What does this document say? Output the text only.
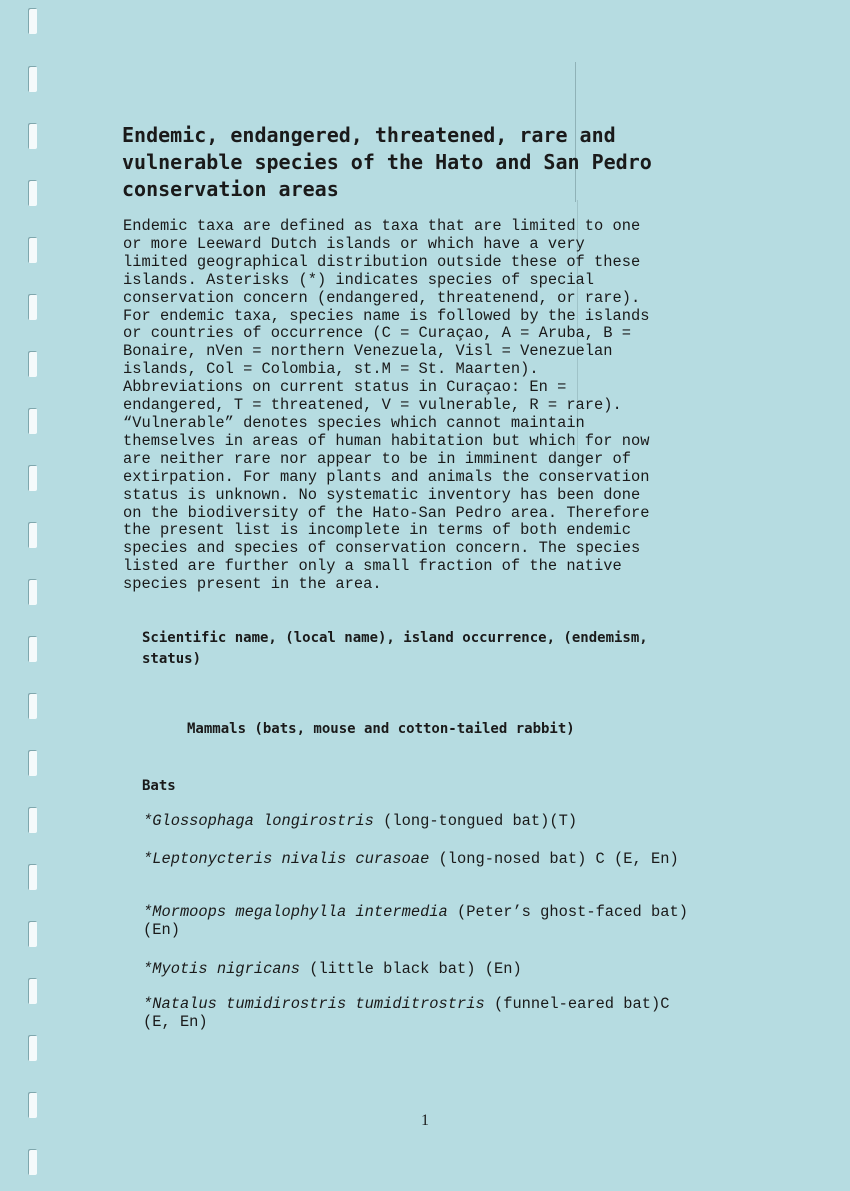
Endemic, endangered, threatened, rare and vulnerable species of the Hato and San Pedro conservation areas
Endemic taxa are defined as taxa that are limited to one
or more Leeward Dutch islands or which have a very
limited geographical distribution outside these of these
islands. Asterisks (*) indicates species of special
conservation concern (endangered, threatenend, or rare).
For endemic taxa, species name is followed by the islands
or countries of occurrence (C = Curaçao, A = Aruba, B =
Bonaire, nVen = northern Venezuela, Visl = Venezuelan
islands, Col = Colombia, st.M = St. Maarten).
Abbreviations on current status in Curaçao: En =
endangered, T = threatened, V = vulnerable, R = rare).
“Vulnerable” denotes species which cannot maintain
themselves in areas of human habitation but which for now
are neither rare nor appear to be in imminent danger of
extirpation. For many plants and animals the conservation
status is unknown. No systematic inventory has been done
on the biodiversity of the Hato-San Pedro area. Therefore
the present list is incomplete in terms of both endemic
species and species of conservation concern. The species
listed are further only a small fraction of the native
species present in the area.

Scientific name, (local name), island occurrence, (endemism, status)

Mammals (bats, mouse and cotton-tailed rabbit)

Bats

*Glossophaga longirostris (long-tongued bat)(T)

*Leptonycteris nivalis curasoae (long-nosed bat) C (E, En)

*Mormoops megalophylla intermedia (Peter’s ghost-faced bat) (En)

*Myotis nigricans (little black bat) (En)

*Natalus tumidirostris tumiditrostris (funnel-eared bat)C (E, En)

1
